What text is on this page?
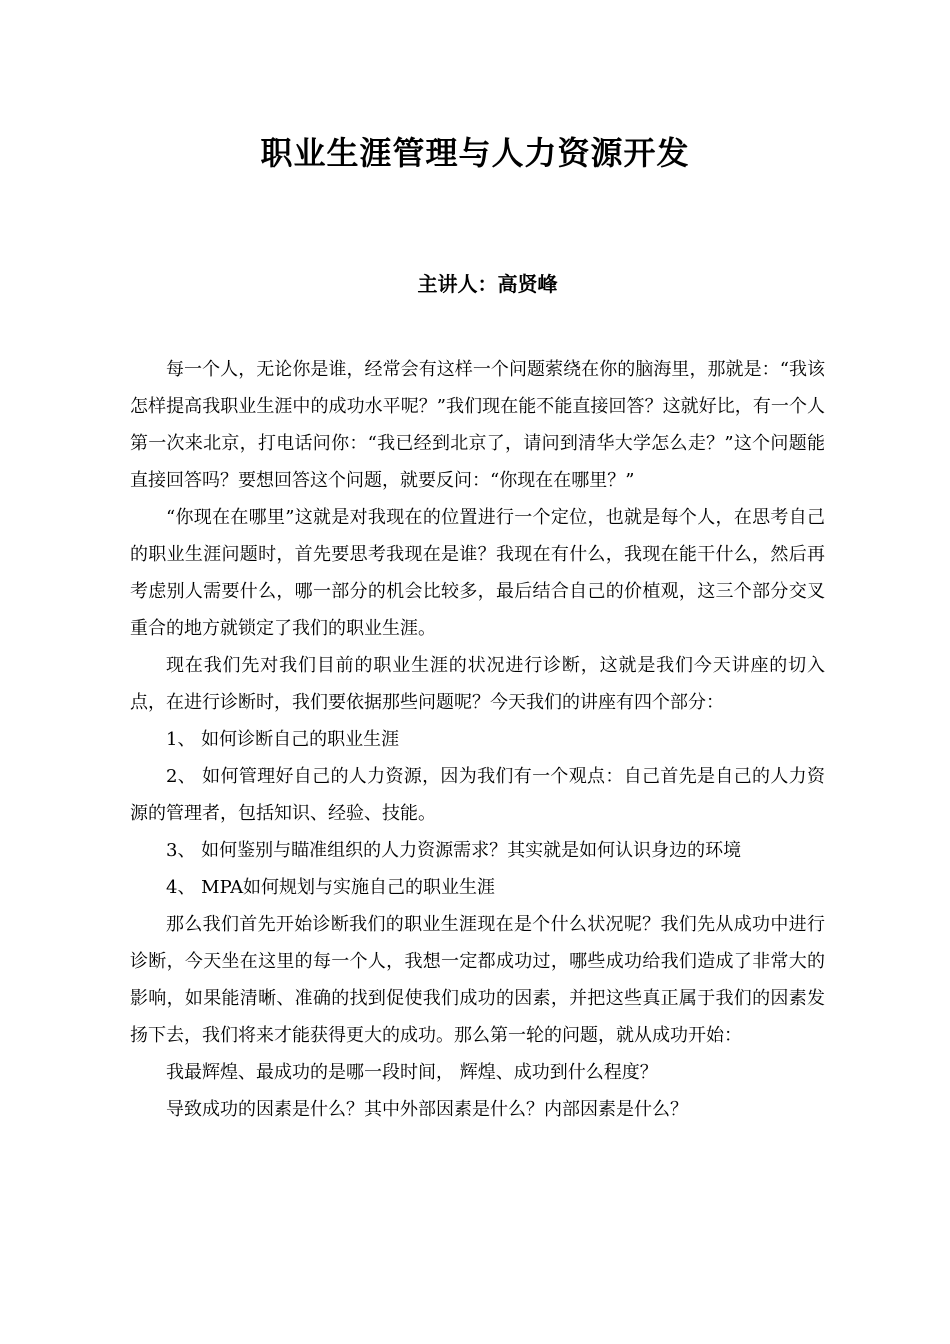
职业生涯管理与人力资源开发
主讲人：高贤峰

每一个人，无论你是谁，经常会有这样一个问题萦绕在你的脑海里，那就是：“我该怎样提高我职业生涯中的成功水平呢？”我们现在能不能直接回答？这就好比，有一个人第一次来北京，打电话问你：“我已经到北京了，请问到清华大学怎么走？”这个问题能直接回答吗？要想回答这个问题，就要反问：“你现在在哪里？”

“你现在在哪里”这就是对我现在的位置进行一个定位，也就是每个人，在思考自己的职业生涯问题时，首先要思考我现在是谁？我现在有什么，我现在能干什么，然后再考虑别人需要什么，哪一部分的机会比较多，最后结合自己的价植观，这三个部分交叉重合的地方就锁定了我们的职业生涯。

现在我们先对我们目前的职业生涯的状况进行诊断，这就是我们今天讲座的切入点，在进行诊断时，我们要依据那些问题呢？今天我们的讲座有四个部分：

1、 如何诊断自己的职业生涯

2、 如何管理好自己的人力资源，因为我们有一个观点：自己首先是自己的人力资源的管理者，包括知识、经验、技能。

3、 如何鉴别与瞄准组织的人力资源需求？其实就是如何认识身边的环境

4、 MPA如何规划与实施自己的职业生涯

那么我们首先开始诊断我们的职业生涯现在是个什么状况呢？我们先从成功中进行诊断，今天坐在这里的每一个人，我想一定都成功过，哪些成功给我们造成了非常大的影响，如果能清晰、准确的找到促使我们成功的因素，并把这些真正属于我们的因素发扬下去，我们将来才能获得更大的成功。那么第一轮的问题，就从成功开始：

我最辉煌、最成功的是哪一段时间， 辉煌、成功到什么程度？

导致成功的因素是什么？其中外部因素是什么？内部因素是什么？
